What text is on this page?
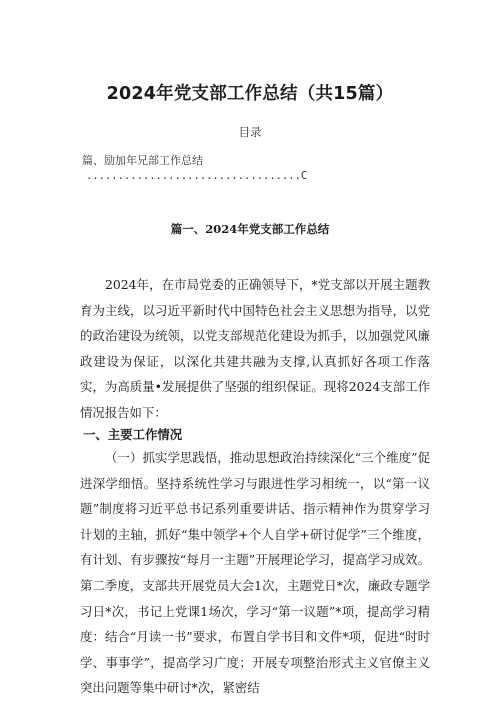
2024年党支部工作总结（共15篇）
目录
篇、励加年兄部工作总结
..................................C
篇一、2024年党支部工作总结

2024年，在市局党委的正确领导下，*党支部以开展主题教育为主线，以习近平新时代中国特色社会主义思想为指导，以党的政治建设为统领，以党支部规范化建设为抓手，以加强党风廉政建设为保证，以深化共建共融为支撑,认真抓好各项工作落实，为高质量•发展提供了坚强的组织保证。现将2024支部工作情况报告如下：

一、主要工作情况

（一）抓实学思践悟，推动思想政治持续深化“三个维度”促进深学细悟。坚持系统性学习与跟进性学习相统一，以“第一议题”制度将习近平总书记系列重要讲话、指示精神作为贯穿学习计划的主轴，抓好“集中领学+个人自学+研讨促学”三个维度，有计划、有步骤按“每月一主题”开展理论学习，提高学习成效。第二季度，支部共开展党员大会1次，主题党日*次，廉政专题学习日*次，书记上党课1场次，学习“第一议题”*项，提高学习精度：结合“月读一书”要求，布置自学书目和文件*项，促进“时时学、事事学”，提高学习广度；开展专项整治形式主义官僚主义突出问题等集中研讨*次，紧密结
